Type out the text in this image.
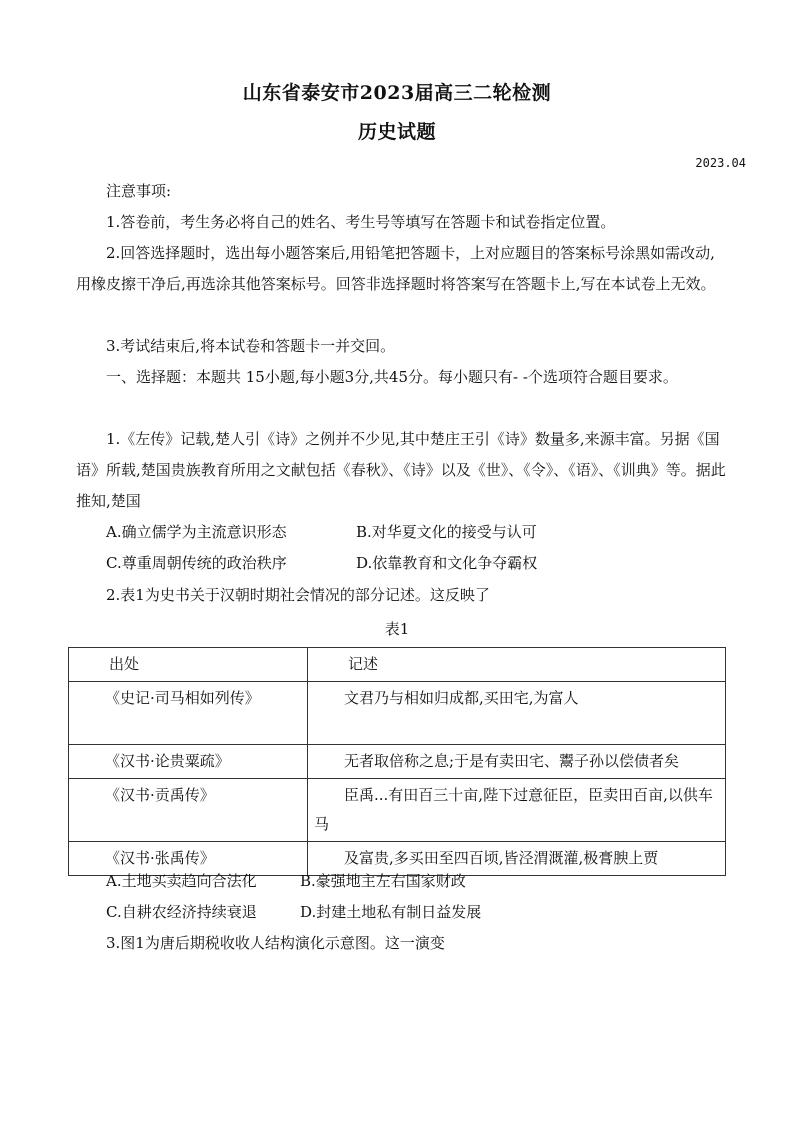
山东省泰安市2023届高三二轮检测
历史试题
2023.04
注意事项:
1.答卷前，考生务必将自己的姓名、考生号等填写在答题卡和试卷指定位置。
2.回答选择题时，选出每小题答案后,用铅笔把答题卡，上对应题目的答案标号涂黑如需改动,用橡皮擦干净后,再选涂其他答案标号。回答非选择题时将答案写在答题卡上,写在本试卷上无效。
3.考试结束后,将本试卷和答题卡一并交回。
一、选择题：本题共 15小题,每小题3分,共45分。每小题只有- -个选项符合题目要求。
1.《左传》记载,楚人引《诗》之例并不少见,其中楚庄王引《诗》数量多,来源丰富。另据《国语》所载,楚国贵族教育所用之文献包括《春秋》、《诗》以及《世》、《令》、《语》、《训典》等。据此推知,楚国
A.确立儒学为主流意识形态	B.对华夏文化的接受与认可
C.尊重周朝传统的政治秩序	D.依靠教育和文化争夺霸权
2.表1为史书关于汉朝时期社会情况的部分记述。这反映了
表1
出处	记述
《史记·司马相如列传》	文君乃与相如归成都,买田宅,为富人
《汉书·论贵粟疏》	无者取倍称之息;于是有卖田宅、鬻子孙以偿债者矣
《汉书·贡禹传》	臣禹...有田百三十亩,陛下过意征臣，臣卖田百亩,以供车马
《汉书·张禹传》	及富贵,多买田至四百顷,皆泾渭溉灌,极膏腴上贾
A.土地买卖趋向合法化	B.豪强地主左右国家财政
C.自耕农经济持续衰退	D.封建土地私有制日益发展
3.图1为唐后期税收收人结构演化示意图。这一演变
